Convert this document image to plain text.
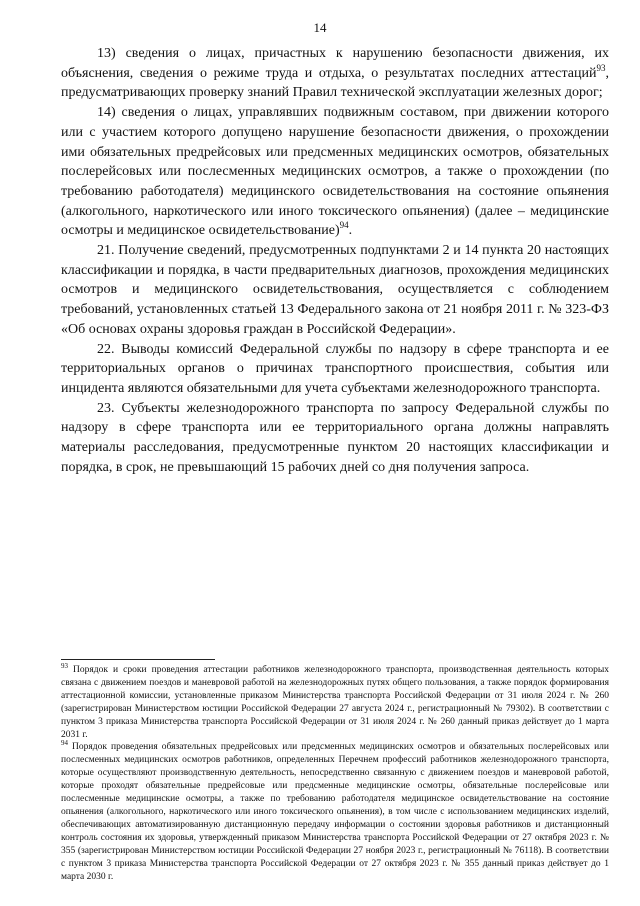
14

13) сведения о лицах, причастных к нарушению безопасности движения, их объяснения, сведения о режиме труда и отдыха, о результатах последних аттестаций$^{93}$, предусматривающих проверку знаний Правил технической эксплуатации железных дорог;

14) сведения о лицах, управлявших подвижным составом, при движении которого или с участием которого допущено нарушение безопасности движения, о прохождении ими обязательных предрейсовых или предсменных медицинских осмотров, обязательных послерейсовых или послесменных медицинских осмотров, а также о прохождении (по требованию работодателя) медицинского освидетельствования на состояние опьянения (алкогольного, наркотического или иного токсического опьянения) (далее – медицинские осмотры и медицинское освидетельствование)$^{94}$.

21. Получение сведений, предусмотренных подпунктами 2 и 14 пункта 20 настоящих классификации и порядка, в части предварительных диагнозов, прохождения медицинских осмотров и медицинского освидетельствования, осуществляется с соблюдением требований, установленных статьей 13 Федерального закона от 21 ноября 2011 г. № 323-ФЗ «Об основах охраны здоровья граждан в Российской Федерации».

22. Выводы комиссий Федеральной службы по надзору в сфере транспорта и ее территориальных органов о причинах транспортного происшествия, события или инцидента являются обязательными для учета субъектами железнодорожного транспорта.

23. Субъекты железнодорожного транспорта по запросу Федеральной службы по надзору в сфере транспорта или ее территориального органа должны направлять материалы расследования, предусмотренные пунктом 20 настоящих классификации и порядка, в срок, не превышающий 15 рабочих дней со дня получения запроса.

$^{93}$ Порядок и сроки проведения аттестации работников железнодорожного транспорта, производственная деятельность которых связана с движением поездов и маневровой работой на железнодорожных путях общего пользования, а также порядок формирования аттестационной комиссии, установленные приказом Министерства транспорта Российской Федерации от 31 июля 2024 г. № 260 (зарегистрирован Министерством юстиции Российской Федерации 27 августа 2024 г., регистрационный № 79302). В соответствии с пунктом 3 приказа Министерства транспорта Российской Федерации от 31 июля 2024 г. № 260 данный приказ действует до 1 марта 2031 г.

$^{94}$ Порядок проведения обязательных предрейсовых или предсменных медицинских осмотров и обязательных послерейсовых или послесменных медицинских осмотров работников, определенных Перечнем профессий работников железнодорожного транспорта, которые осуществляют производственную деятельность, непосредственно связанную с движением поездов и маневровой работой, которые проходят обязательные предрейсовые или предсменные медицинские осмотры, обязательные послерейсовые или послесменные медицинские осмотры, а также по требованию работодателя медицинское освидетельствование на состояние опьянения (алкогольного, наркотического или иного токсического опьянения), в том числе с использованием медицинских изделий, обеспечивающих автоматизированную дистанционную передачу информации о состоянии здоровья работников и дистанционный контроль состояния их здоровья, утвержденный приказом Министерства транспорта Российской Федерации от 27 октября 2023 г. № 355 (зарегистрирован Министерством юстиции Российской Федерации 27 ноября 2023 г., регистрационный № 76118). В соответствии с пунктом 3 приказа Министерства транспорта Российской Федерации от 27 октября 2023 г. № 355 данный приказ действует до 1 марта 2030 г.
